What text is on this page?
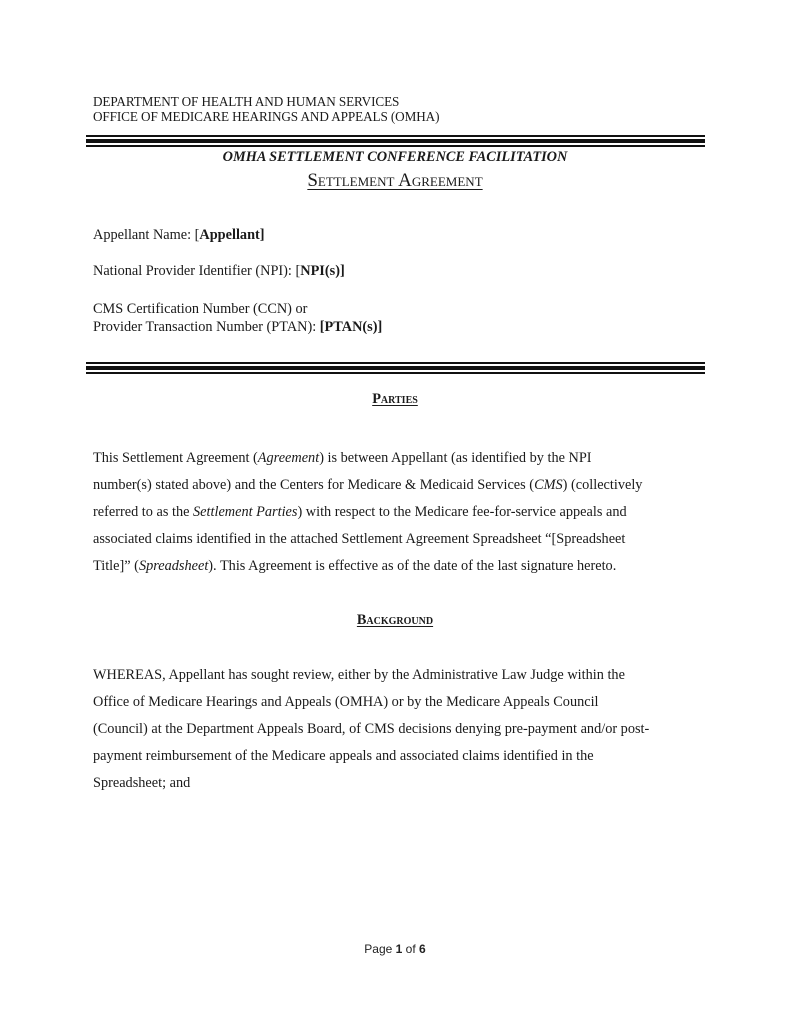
DEPARTMENT OF HEALTH AND HUMAN SERVICES
OFFICE OF MEDICARE HEARINGS AND APPEALS (OMHA)
OMHA SETTLEMENT CONFERENCE FACILITATION
Settlement Agreement
Appellant Name: [Appellant]
National Provider Identifier (NPI): [NPI(s)]
CMS Certification Number (CCN) or
Provider Transaction Number (PTAN): [PTAN(s)]
Parties
This Settlement Agreement (Agreement) is between Appellant (as identified by the NPI
number(s) stated above) and the Centers for Medicare & Medicaid Services (CMS) (collectively
referred to as the Settlement Parties) with respect to the Medicare fee-for-service appeals and
associated claims identified in the attached Settlement Agreement Spreadsheet “[Spreadsheet
Title]” (Spreadsheet). This Agreement is effective as of the date of the last signature hereto.
Background
WHEREAS, Appellant has sought review, either by the Administrative Law Judge within the
Office of Medicare Hearings and Appeals (OMHA) or by the Medicare Appeals Council
(Council) at the Department Appeals Board, of CMS decisions denying pre-payment and/or post-
payment reimbursement of the Medicare appeals and associated claims identified in the
Spreadsheet; and
Page 1 of 6
